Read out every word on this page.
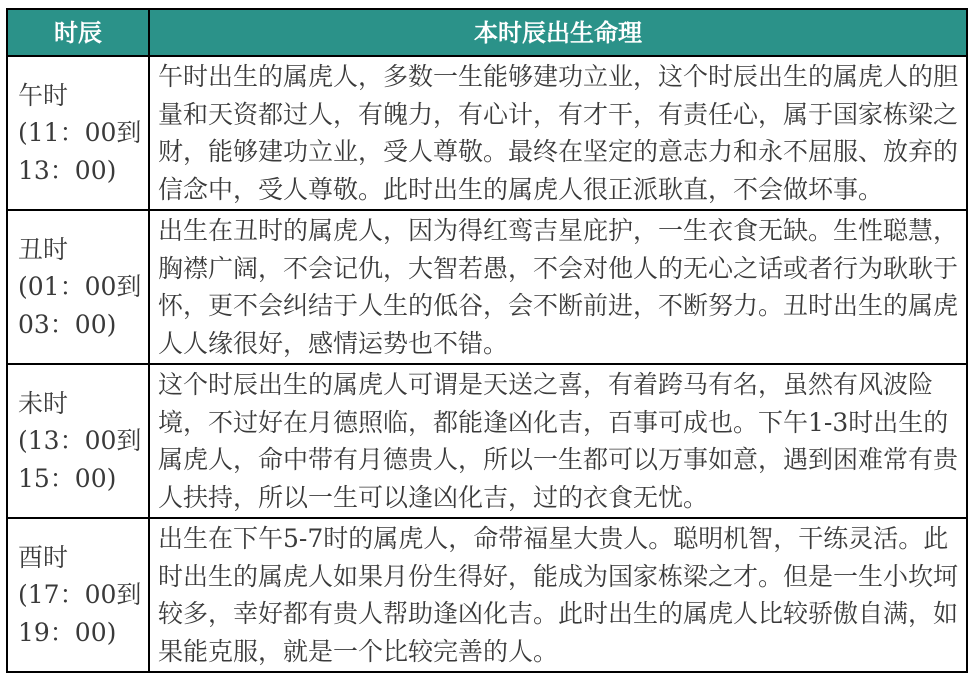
时辰	本时辰出生命理
午时
(11：00到13：00)
午时出生的属虎人，多数一生能够建功立业，这个时辰出生的属虎人的胆量和天资都过人，有魄力，有心计，有才干，有责任心，属于国家栋梁之财，能够建功立业，受人尊敬。最终在坚定的意志力和永不屈服、放弃的信念中，受人尊敬。此时出生的属虎人很正派耿直，不会做坏事。
丑时
(01：00到03：00)
出生在丑时的属虎人，因为得红鸾吉星庇护，一生衣食无缺。生性聪慧，胸襟广阔，不会记仇，大智若愚，不会对他人的无心之话或者行为耿耿于怀，更不会纠结于人生的低谷，会不断前进，不断努力。丑时出生的属虎人人缘很好，感情运势也不错。
未时
(13：00到15：00)
这个时辰出生的属虎人可谓是天送之喜，有着跨马有名，虽然有风波险境，不过好在月德照临，都能逢凶化吉，百事可成也。下午1-3时出生的属虎人，命中带有月德贵人，所以一生都可以万事如意，遇到困难常有贵人扶持，所以一生可以逢凶化吉，过的衣食无忧。
酉时
(17：00到19：00)
出生在下午5-7时的属虎人，命带福星大贵人。聪明机智，干练灵活。此时出生的属虎人如果月份生得好，能成为国家栋梁之才。但是一生小坎坷较多，幸好都有贵人帮助逢凶化吉。此时出生的属虎人比较骄傲自满，如果能克服，就是一个比较完善的人。
